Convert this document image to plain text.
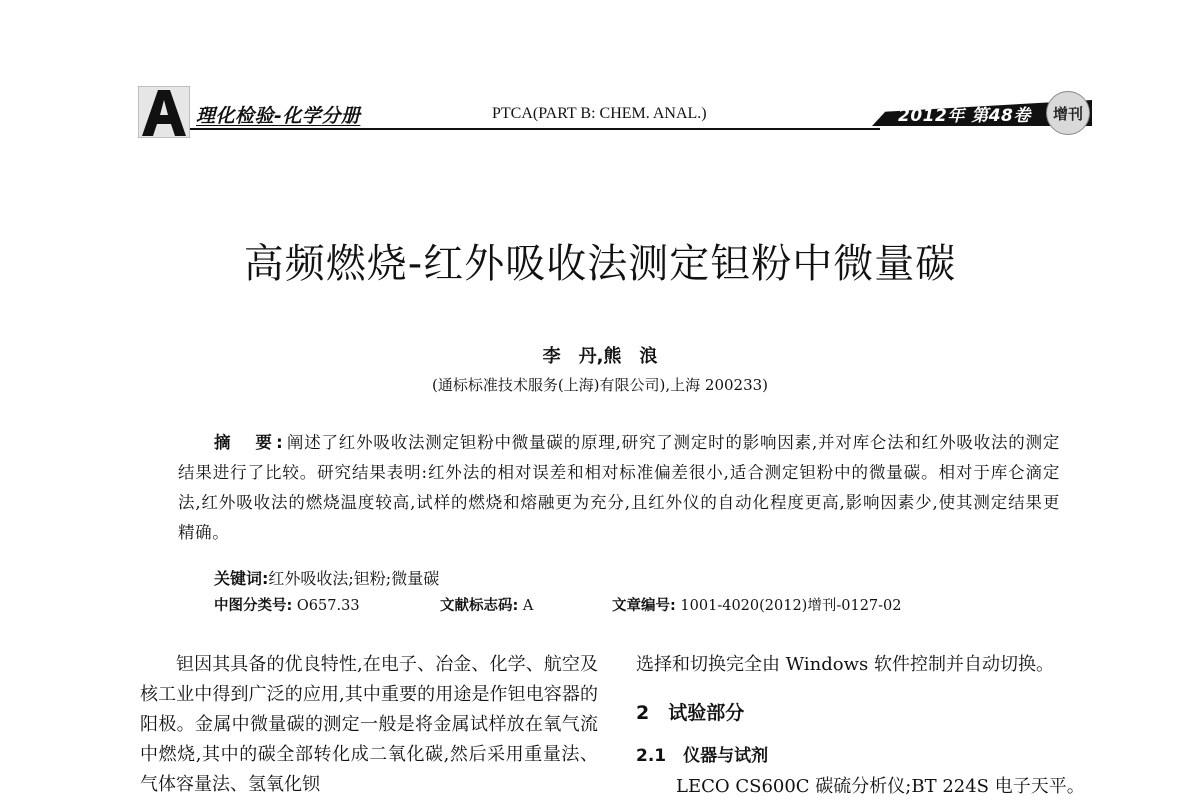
理化检验-化学分册	PTCA(PART B: CHEM. ANAL.)	2012年 第48卷	增刊
高频燃烧-红外吸收法测定钽粉中微量碳
李　丹,熊　浪
(通标标准技术服务(上海)有限公司),上海 200233)
摘　要:阐述了红外吸收法测定钽粉中微量碳的原理,研究了测定时的影响因素,并对库仑法和红外吸收法的测定结果进行了比较。研究结果表明:红外法的相对误差和相对标准偏差很小,适合测定钽粉中的微量碳。相对于库仑滴定法,红外吸收法的燃烧温度较高,试样的燃烧和熔融更为充分,且红外仪的自动化程度更高,影响因素少,使其测定结果更精确。
关键词:红外吸收法;钽粉;微量碳
中图分类号: O657.33	文献标志码: A	文章编号: 1001-4020(2012)增刊-0127-02
钽因其具备的优良特性,在电子、冶金、化学、航空及核工业中得到广泛的应用,其中重要的用途是作钽电容器的阳极。金属中微量碳的测定一般是将金属试样放在氧气流中燃烧,其中的碳全部转化成二氧化碳,然后采用重量法、气体容量法、氢氧化钡
选择和切换完全由 Windows 软件控制并自动切换。
2　试验部分
2.1　仪器与试剂
LECO CS600C 碳硫分析仪;BT 224S 电子天平。
